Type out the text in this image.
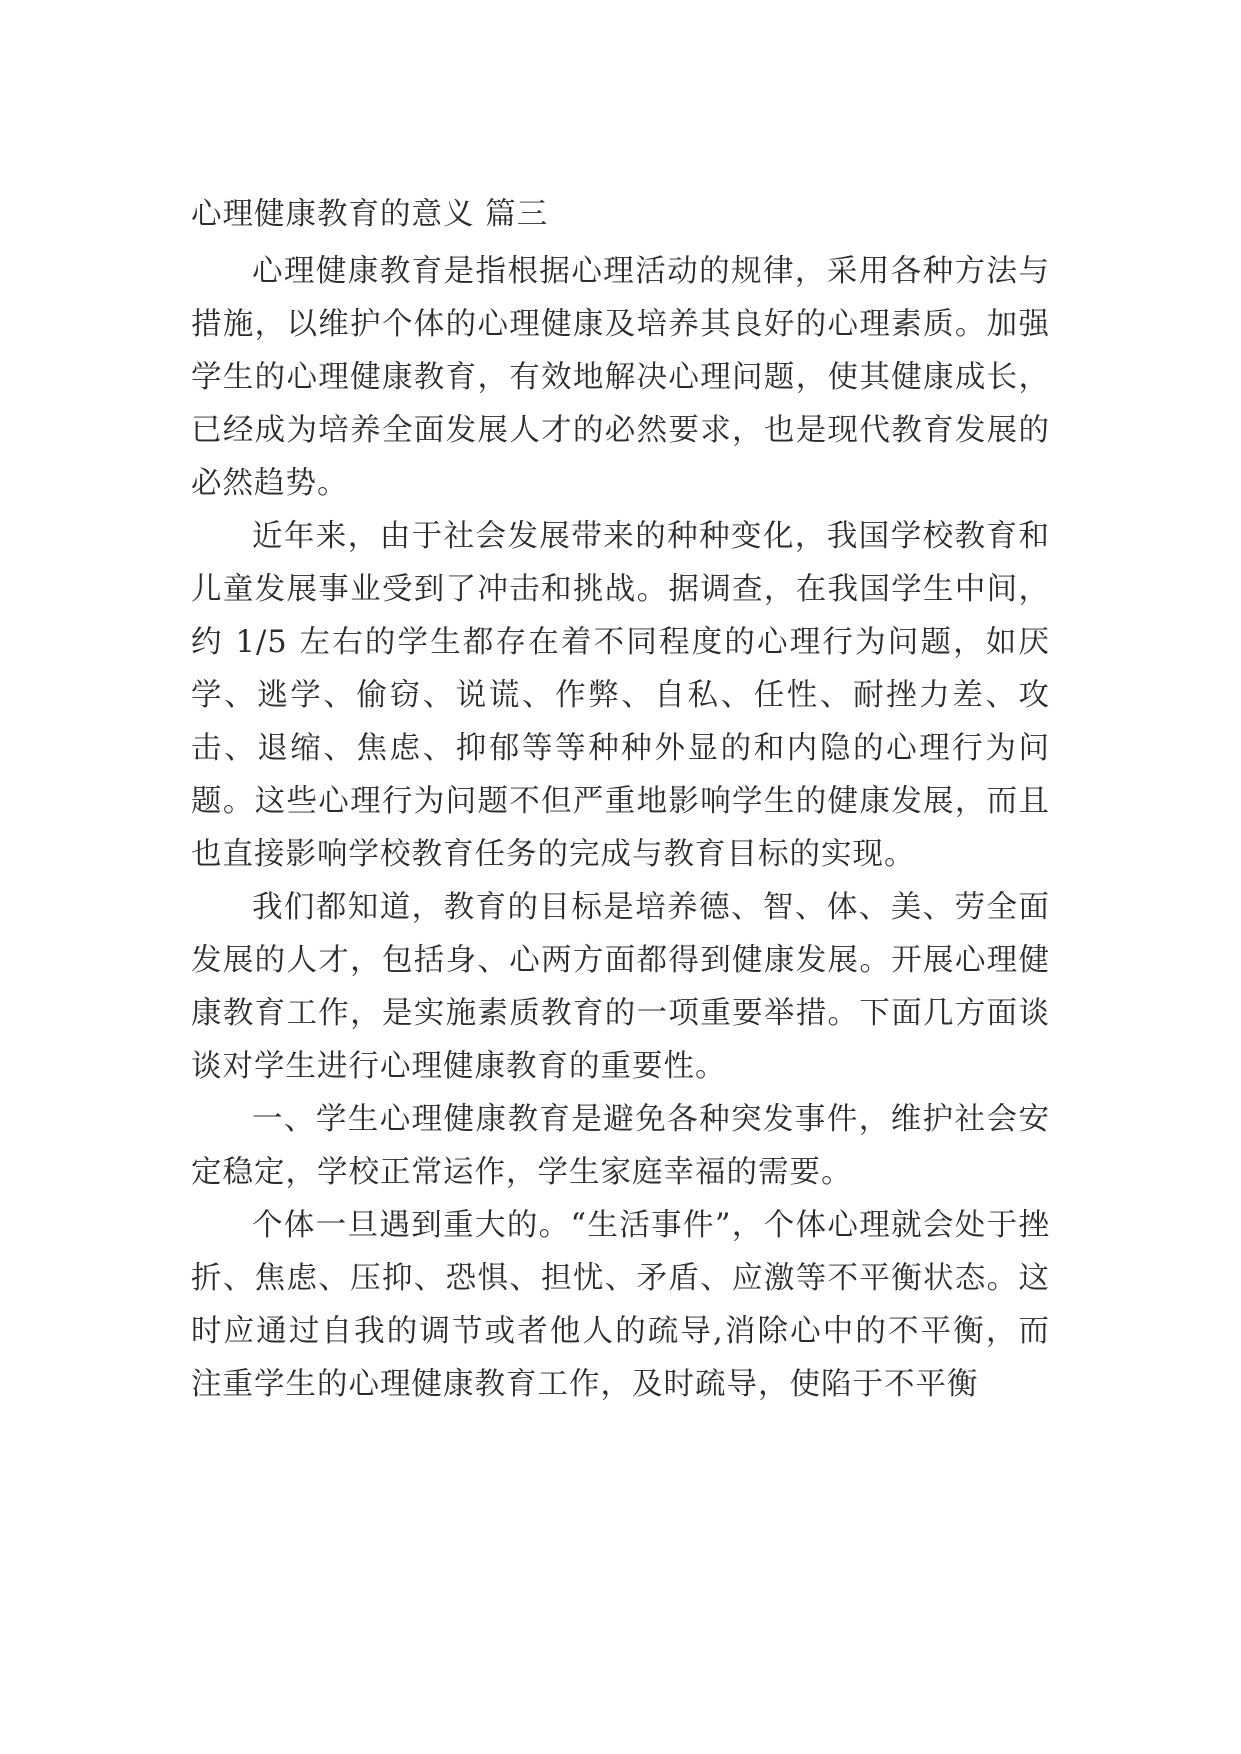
心理健康教育的意义 篇三

心理健康教育是指根据心理活动的规律，采用各种方法与措施，以维护个体的心理健康及培养其良好的心理素质。加强学生的心理健康教育，有效地解决心理问题，使其健康成长，已经成为培养全面发展人才的必然要求，也是现代教育发展的必然趋势。

近年来，由于社会发展带来的种种变化，我国学校教育和儿童发展事业受到了冲击和挑战。据调查，在我国学生中间，约 1/5 左右的学生都存在着不同程度的心理行为问题，如厌学、逃学、偷窃、说谎、作弊、自私、任性、耐挫力差、攻击、退缩、焦虑、抑郁等等种种外显的和内隐的心理行为问题。这些心理行为问题不但严重地影响学生的健康发展，而且也直接影响学校教育任务的完成与教育目标的实现。

我们都知道，教育的目标是培养德、智、体、美、劳全面发展的人才，包括身、心两方面都得到健康发展。开展心理健康教育工作，是实施素质教育的一项重要举措。下面几方面谈谈对学生进行心理健康教育的重要性。

一、学生心理健康教育是避免各种突发事件，维护社会安定稳定，学校正常运作，学生家庭幸福的需要。

个体一旦遇到重大的。“生活事件”，个体心理就会处于挫折、焦虑、压抑、恐惧、担忧、矛盾、应激等不平衡状态。这时应通过自我的调节或者他人的疏导,消除心中的不平衡，而注重学生的心理健康教育工作，及时疏导，使陷于不平衡
